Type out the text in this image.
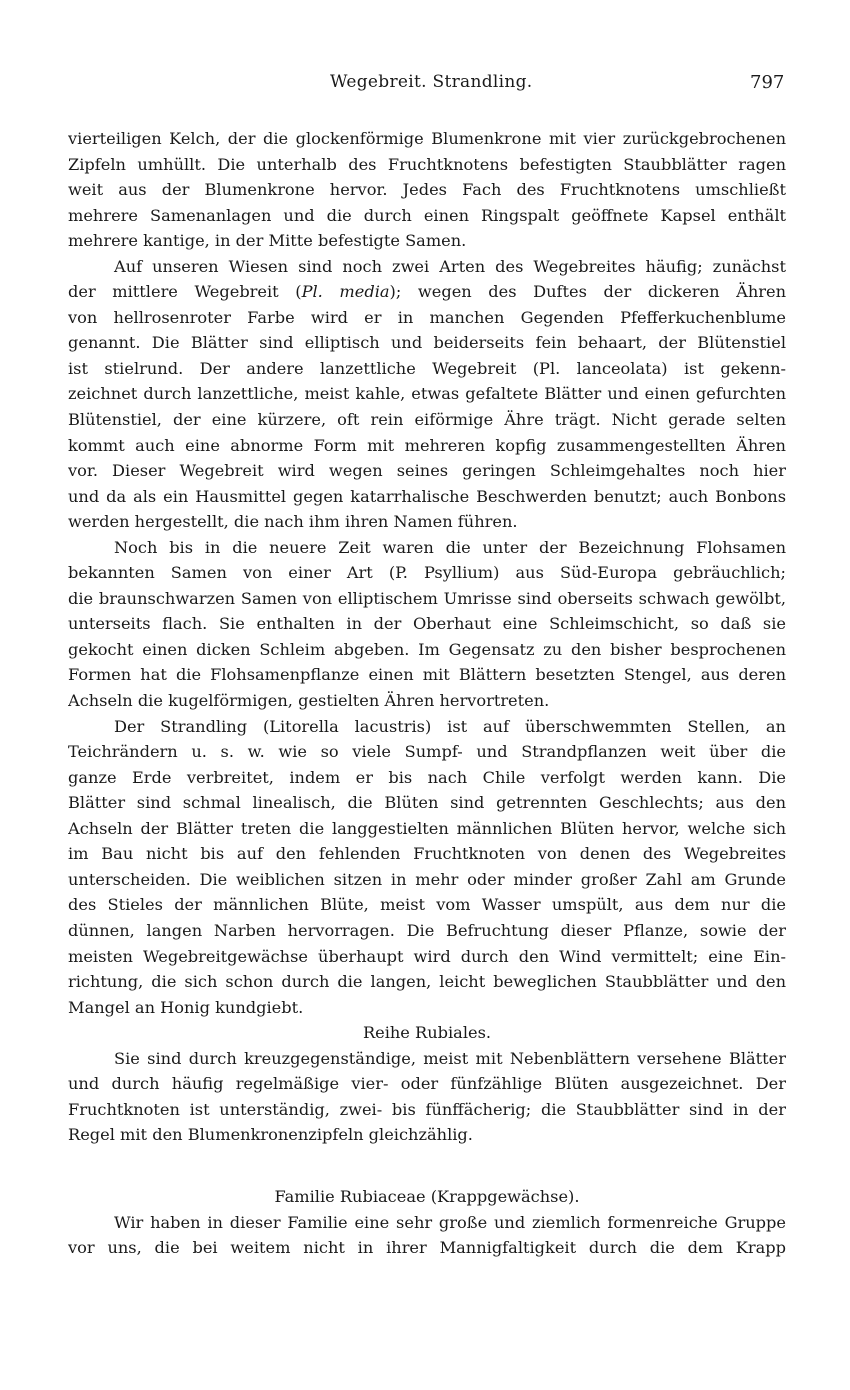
Wegebreit. Strandling.	797
vierteiligen Kelch, der die glockenförmige Blumenkrone mit vier zurückgebrochenen
Zipfeln umhüllt. Die unterhalb des Fruchtknotens befestigten Staubblätter ragen
weit aus der Blumenkrone hervor. Jedes Fach des Fruchtknotens umschließt
mehrere Samenanlagen und die durch einen Ringspalt geöffnete Kapsel enthält
mehrere kantige, in der Mitte befestigte Samen.
Auf unseren Wiesen sind noch zwei Arten des Wegebreites häufig; zunächst
der mittlere Wegebreit (Pl. media); wegen des Duftes der dickeren Ähren
von hellrosenroter Farbe wird er in manchen Gegenden Pfefferkuchenblume
genannt. Die Blätter sind elliptisch und beiderseits fein behaart, der Blütenstiel
ist stielrund. Der andere lanzettliche Wegebreit (Pl. lanceolata) ist gekenn-
zeichnet durch lanzettliche, meist kahle, etwas gefaltete Blätter und einen gefurchten
Blütenstiel, der eine kürzere, oft rein eiförmige Ähre trägt. Nicht gerade selten
kommt auch eine abnorme Form mit mehreren kopfig zusammengestellten Ähren
vor. Dieser Wegebreit wird wegen seines geringen Schleimgehaltes noch hier
und da als ein Hausmittel gegen katarrhalische Beschwerden benutzt; auch Bonbons
werden hergestellt, die nach ihm ihren Namen führen.
Noch bis in die neuere Zeit waren die unter der Bezeichnung Flohsamen
bekannten Samen von einer Art (P. Psyllium) aus Süd-Europa gebräuchlich;
die braunschwarzen Samen von elliptischem Umrisse sind oberseits schwach gewölbt,
unterseits flach. Sie enthalten in der Oberhaut eine Schleimschicht, so daß sie
gekocht einen dicken Schleim abgeben. Im Gegensatz zu den bisher besprochenen
Formen hat die Flohsamenpflanze einen mit Blättern besetzten Stengel, aus deren
Achseln die kugelförmigen, gestielten Ähren hervortreten.
Der Strandling (Litorella lacustris) ist auf überschwemmten Stellen, an
Teichrändern u. s. w. wie so viele Sumpf- und Strandpflanzen weit über die
ganze Erde verbreitet, indem er bis nach Chile verfolgt werden kann. Die
Blätter sind schmal linealisch, die Blüten sind getrennten Geschlechts; aus den
Achseln der Blätter treten die langgestielten männlichen Blüten hervor, welche sich
im Bau nicht bis auf den fehlenden Fruchtknoten von denen des Wegebreites
unterscheiden. Die weiblichen sitzen in mehr oder minder großer Zahl am Grunde
des Stieles der männlichen Blüte, meist vom Wasser umspült, aus dem nur die
dünnen, langen Narben hervorragen. Die Befruchtung dieser Pflanze, sowie der
meisten Wegebreitgewächse überhaupt wird durch den Wind vermittelt; eine Ein-
richtung, die sich schon durch die langen, leicht beweglichen Staubblätter und den
Mangel an Honig kundgiebt.
Reihe Rubiales.
Sie sind durch kreuzgegenständige, meist mit Nebenblättern versehene Blätter
und durch häufig regelmäßige vier- oder fünfzählige Blüten ausgezeichnet. Der
Fruchtknoten ist unterständig, zwei- bis fünffächerig; die Staubblätter sind in der
Regel mit den Blumenkronenzipfeln gleichzählig.
Familie Rubiaceae (Krappgewächse).
Wir haben in dieser Familie eine sehr große und ziemlich formenreiche Gruppe
vor uns, die bei weitem nicht in ihrer Mannigfaltigkeit durch die dem Krapp
